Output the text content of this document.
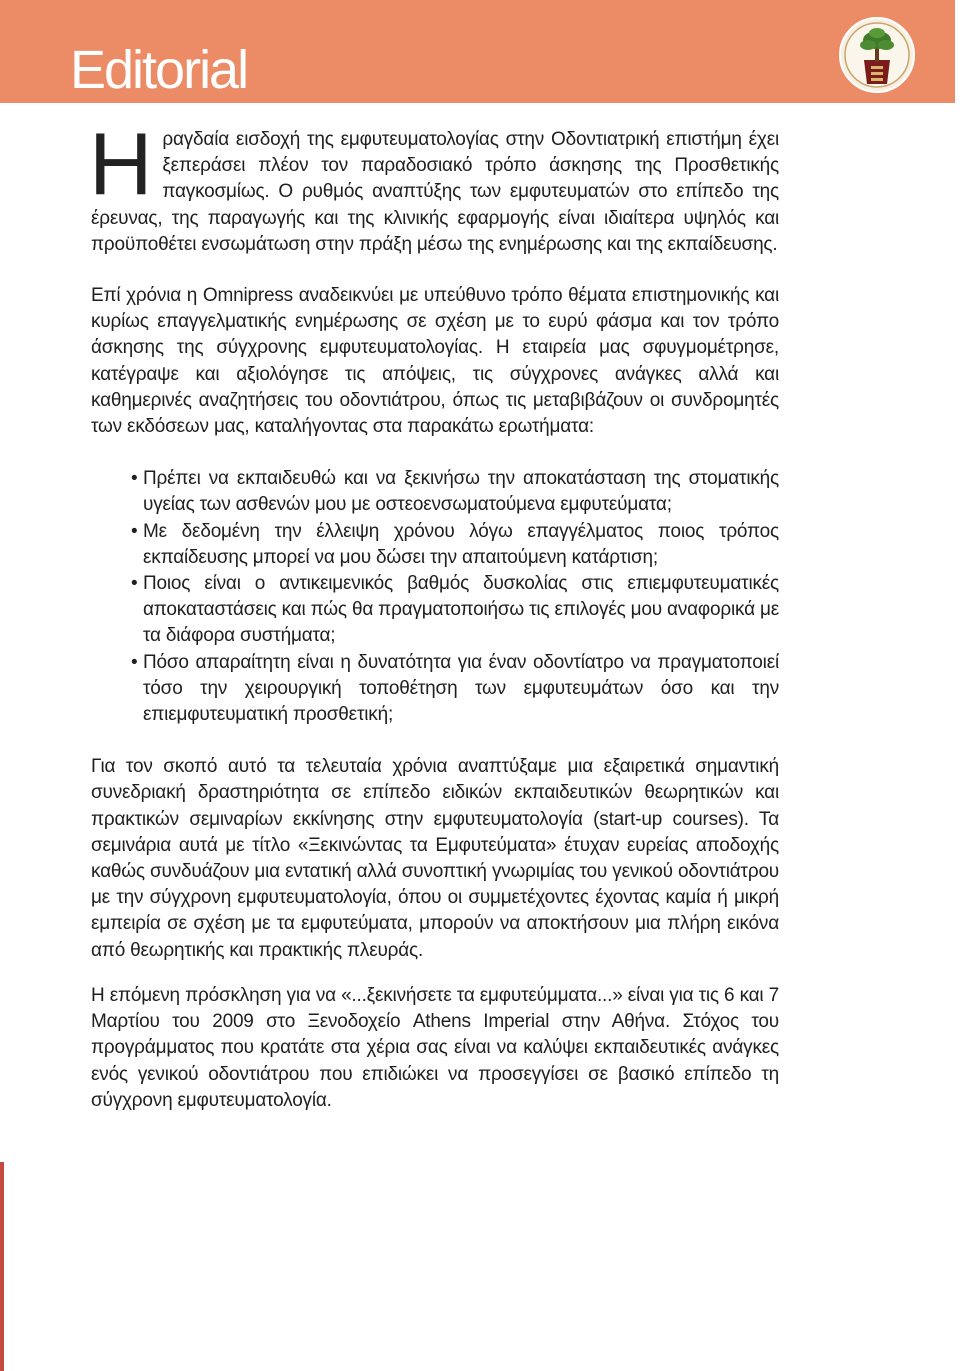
Editorial

Ηραγδαία εισδοχή της εμφυτευματολογίας στην Οδοντιατρική επιστήμη έχει ξεπεράσει πλέον τον παραδοσιακό τρόπο άσκησης της Προσθετικής παγκοσμίως. Ο ρυθμός αναπτύξης των εμφυτευματών στο επίπεδο της έρευνας, της παραγωγής και της κλινικής εφαρμογής είναι ιδιαίτερα υψηλός και προϋποθέτει ενσωμάτωση στην πράξη μέσω της ενημέρωσης και της εκπαίδευσης.

Επί χρόνια η Omnipress αναδεικνύει με υπεύθυνο τρόπο θέματα επιστημονικής και κυρίως επαγγελματικής ενημέρωσης σε σχέση με το ευρύ φάσμα και τον τρόπο άσκησης της σύγχρονης εμφυτευματολογίας. Η εταιρεία μας σφυγμομέτρησε, κατέγραψε και αξιολόγησε τις απόψεις, τις σύγχρονες ανάγκες αλλά και καθημερινές αναζητήσεις του οδοντιάτρου, όπως τις μεταβιβάζουν οι συνδρομητές των εκδόσεων μας, καταλήγοντας στα παρακάτω ερωτήματα:

• Πρέπει να εκπαιδευθώ και να ξεκινήσω την αποκατάσταση της στοματικής υγείας των ασθενών μου με οστεοενσωματούμενα εμφυτεύματα;
• Με δεδομένη την έλλειψη χρόνου λόγω επαγγέλματος ποιος τρόπος εκπαίδευσης μπορεί να μου δώσει την απαιτούμενη κατάρτιση;
• Ποιος είναι ο αντικειμενικός βαθμός δυσκολίας στις επιεμφυτευματικές αποκαταστάσεις και πώς θα πραγματοποιήσω τις επιλογές μου αναφορικά με τα διάφορα συστήματα;
• Πόσο απαραίτητη είναι η δυνατότητα για έναν οδοντίατρο να πραγματοποιεί τόσο την χειρουργική τοποθέτηση των εμφυτευμάτων όσο και την επιεμφυτευματική προσθετική;

Για τον σκοπό αυτό τα τελευταία χρόνια αναπτύξαμε μια εξαιρετικά σημαντική συνεδριακή δραστηριότητα σε επίπεδο ειδικών εκπαιδευτικών θεωρητικών και πρακτικών σεμιναρίων εκκίνησης στην εμφυτευματολογία (start-up courses). Τα σεμινάρια αυτά με τίτλο «Ξεκινώντας τα Εμφυτεύματα» έτυχαν ευρείας αποδοχής καθώς συνδυάζουν μια εντατική αλλά συνοπτική γνωριμίας του γενικού οδοντιάτρου με την σύγχρονη εμφυτευματολογία, όπου οι συμμετέχοντες έχοντας καμία ή μικρή εμπειρία σε σχέση με τα εμφυτεύματα, μπορούν να αποκτήσουν μια πλήρη εικόνα από θεωρητικής και πρακτικής πλευράς.

Η επόμενη πρόσκληση για να «...ξεκινήσετε τα εμφυτεύμματα...» είναι για τις 6 και 7 Μαρτίου του 2009 στο Ξενοδοχείο Athens Imperial στην Αθήνα. Στόχος του προγράμματος που κρατάτε στα χέρια σας είναι να καλύψει εκπαιδευτικές ανάγκες ενός γενικού οδοντιάτρου που επιδιώκει να προσεγγίσει σε βασικό επίπεδο τη σύγχρονη εμφυτευματολογία.
